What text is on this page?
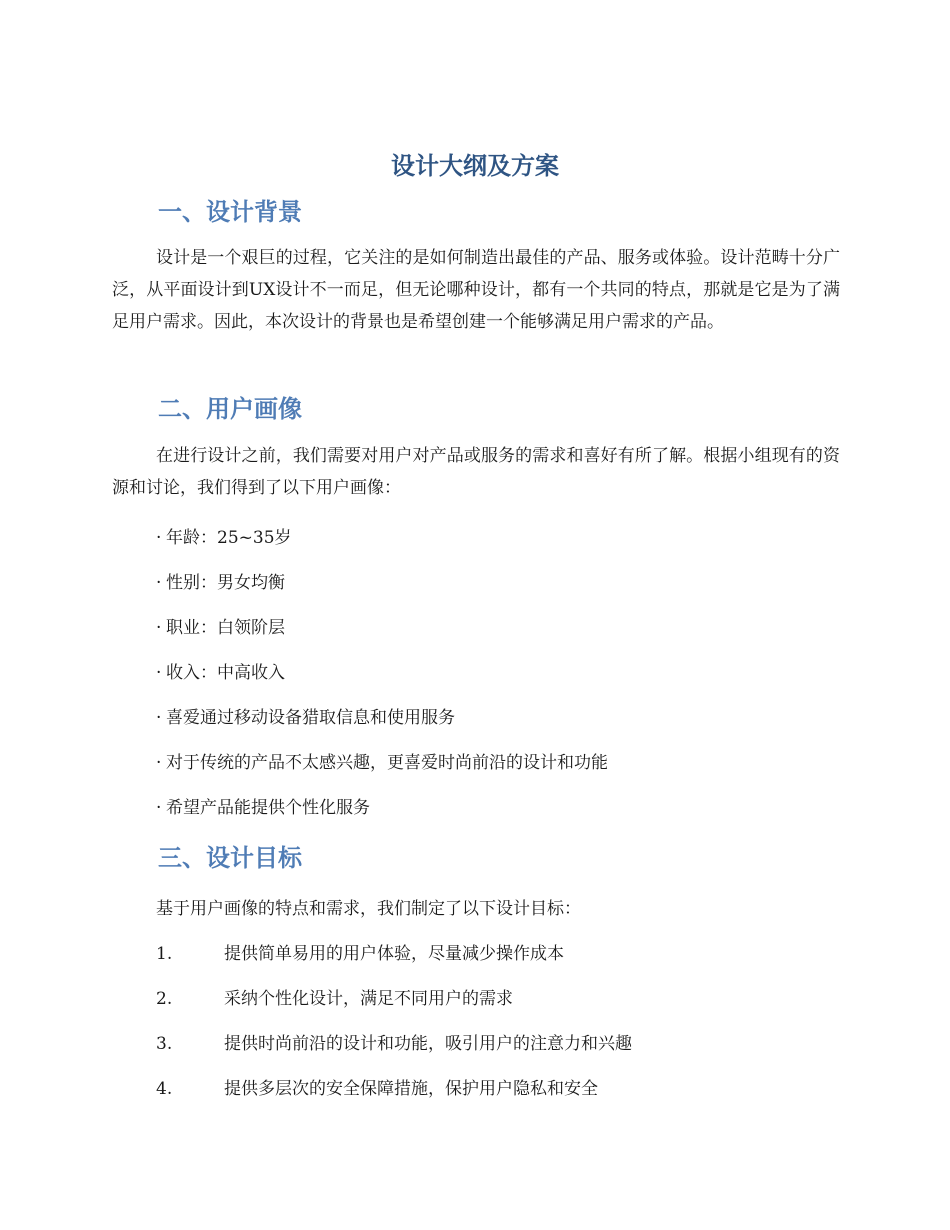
设计大纲及方案
一、设计背景

设计是一个艰巨的过程，它关注的是如何制造出最佳的产品、服务或体验。设计范畴十分广泛，从平面设计到UX设计不一而足，但无论哪种设计，都有一个共同的特点，那就是它是为了满足用户需求。因此，本次设计的背景也是希望创建一个能够满足用户需求的产品。

二、用户画像

在进行设计之前，我们需要对用户对产品或服务的需求和喜好有所了解。根据小组现有的资源和讨论，我们得到了以下用户画像：

· 年龄：25~35岁

· 性别：男女均衡

· 职业：白领阶层

· 收入：中高收入

· 喜爱通过移动设备猎取信息和使用服务

· 对于传统的产品不太感兴趣，更喜爱时尚前沿的设计和功能

· 希望产品能提供个性化服务

三、设计目标

基于用户画像的特点和需求，我们制定了以下设计目标：

1.	提供简单易用的用户体验，尽量减少操作成本

2.	采纳个性化设计，满足不同用户的需求

3.	提供时尚前沿的设计和功能，吸引用户的注意力和兴趣

4.	提供多层次的安全保障措施，保护用户隐私和安全
